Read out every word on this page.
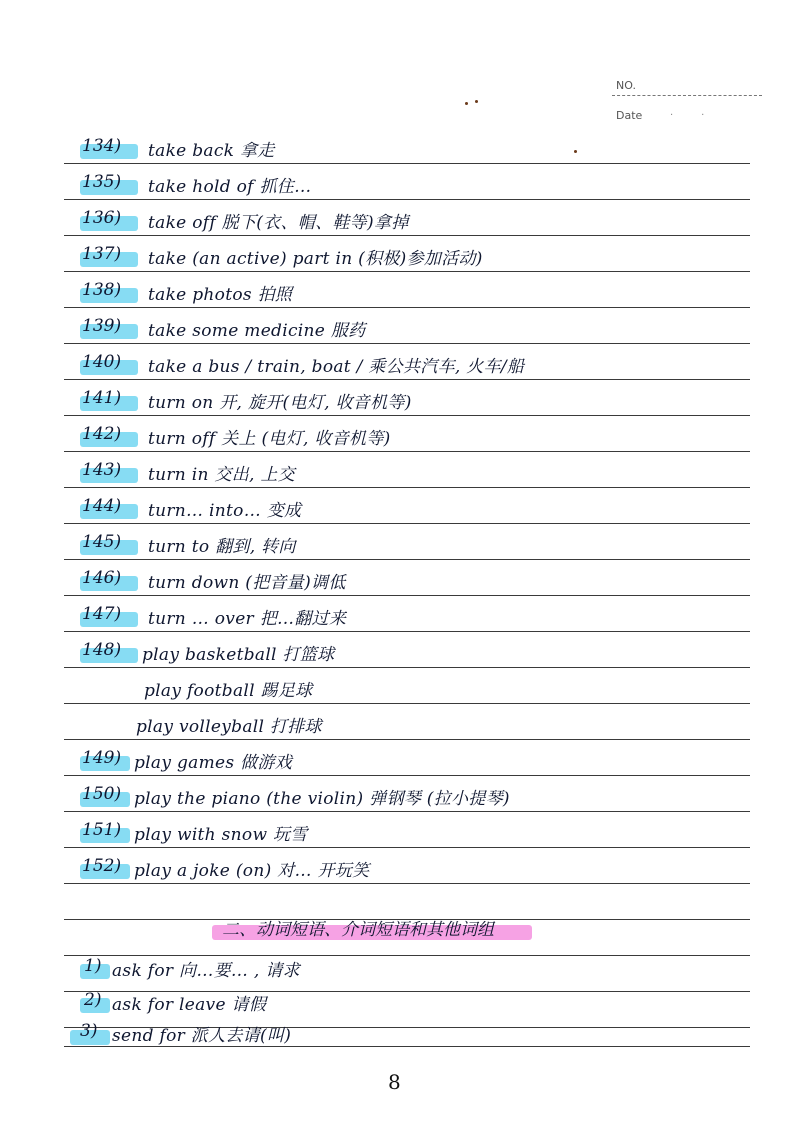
NO.
Date	··
134) take back 拿走
135) take hold of 抓住…
136) take off 脱下(衣、帽、鞋等)拿掉
137) take (an active) part in (积极)参加活动)
138) take photos 拍照
139) take some medicine 服药
140) take a bus / train, boat / 乘公共汽车, 火车/船
141) turn on 开, 旋开(电灯, 收音机等)
142) turn off 关上 (电灯, 收音机等)
143) turn in 交出, 上交
144) turn… into… 变成
145) turn to 翻到, 转向
146) turn down (把音量)调低
147) turn … over 把…翻过来
148) play basketball 打篮球
play football 踢足球
play volleyball 打排球
149) play games 做游戏
150) play the piano (the violin) 弹钢琴 (拉小提琴)
151) play with snow 玩雪
152) play a joke (on) 对… 开玩笑
二、动词短语、介词短语和其他词组
1) ask for 向…要… , 请求
2) ask for leave 请假
3) send for 派人去请(叫)
8
